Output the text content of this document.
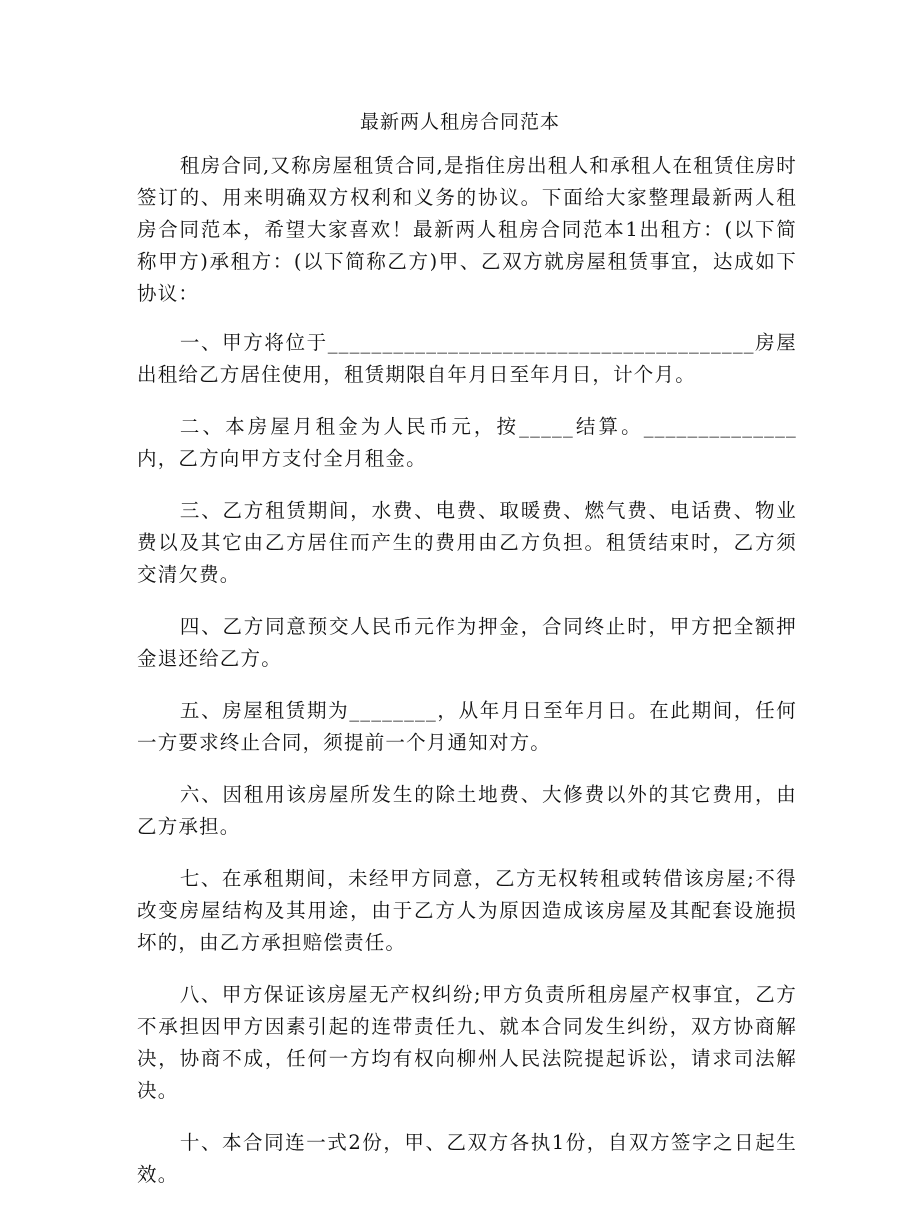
最新两人租房合同范本

租房合同,又称房屋租赁合同,是指住房出租人和承租人在租赁住房时签订的、用来明确双方权利和义务的协议。下面给大家整理最新两人租房合同范本，希望大家喜欢！最新两人租房合同范本1出租方：(以下简称甲方)承租方：(以下简称乙方)甲、乙双方就房屋租赁事宜，达成如下协议：

一、甲方将位于_______________________________________房屋出租给乙方居住使用，租赁期限自年月日至年月日，计个月。

二、本房屋月租金为人民币元，按_____结算。______________内，乙方向甲方支付全月租金。

三、乙方租赁期间，水费、电费、取暖费、燃气费、电话费、物业费以及其它由乙方居住而产生的费用由乙方负担。租赁结束时，乙方须交清欠费。

四、乙方同意预交人民币元作为押金，合同终止时，甲方把全额押金退还给乙方。

五、房屋租赁期为________，从年月日至年月日。在此期间，任何一方要求终止合同，须提前一个月通知对方。

六、因租用该房屋所发生的除土地费、大修费以外的其它费用，由乙方承担。

七、在承租期间，未经甲方同意，乙方无权转租或转借该房屋;不得改变房屋结构及其用途，由于乙方人为原因造成该房屋及其配套设施损坏的，由乙方承担赔偿责任。

八、甲方保证该房屋无产权纠纷;甲方负责所租房屋产权事宜，乙方不承担因甲方因素引起的连带责任九、就本合同发生纠纷，双方协商解决，协商不成，任何一方均有权向柳州人民法院提起诉讼，请求司法解决。

十、本合同连一式2份，甲、乙双方各执1份，自双方签字之日起生效。
